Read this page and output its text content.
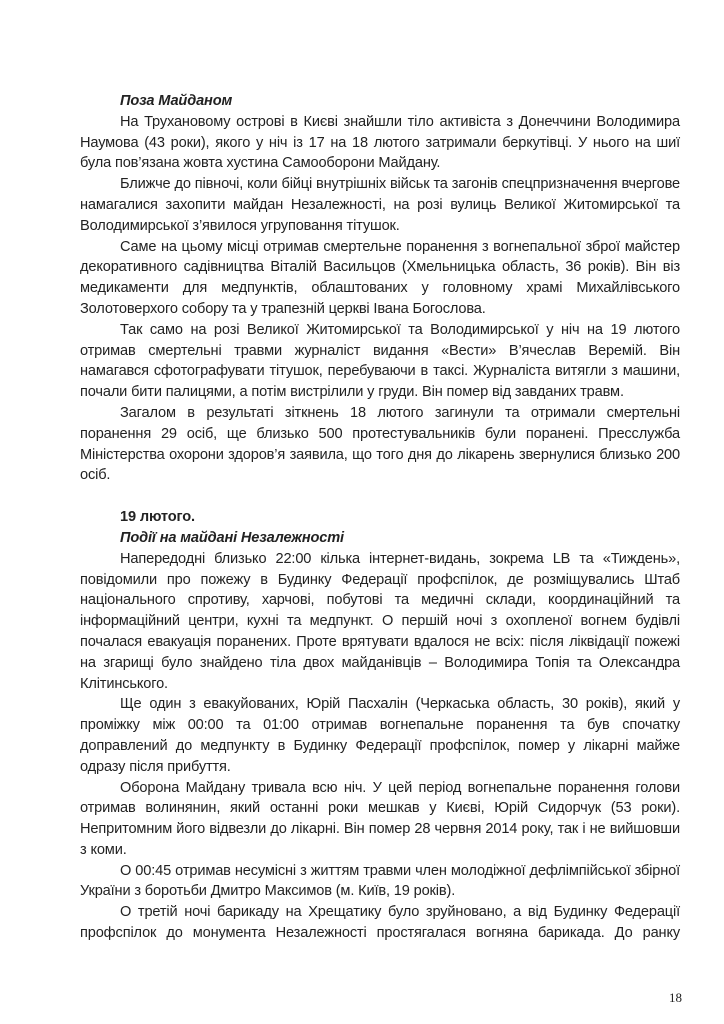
Поза Майданом

На Трухановому острові в Києві знайшли тіло активіста з Донеччини Володимира Наумова (43 роки), якого у ніч із 17 на 18 лютого затримали беркутівці. У нього на шиї була пов’язана жовта хустина Самооборони Майдану.

Ближче до півночі, коли бійці внутрішніх військ та загонів спецпризначення вчергове намагалися захопити майдан Незалежності, на розі вулиць Великої Житомирської та Володимирської з’явилося угруповання тітушок.

Саме на цьому місці отримав смертельне поранення з вогнепальної зброї майстер декоративного садівництва Віталій Васильцов (Хмельницька область, 36 років). Він віз медикаменти для медпунктів, облаштованих у головному храмі Михайлівського Золотоверхого собору та у трапезній церкві Івана Богослова.

Так само на розі Великої Житомирської та Володимирської у ніч на 19 лютого отримав смертельні травми журналіст видання «Вести» В’ячеслав Веремій. Він намагався сфотографувати тітушок, перебуваючи в таксі. Журналіста витягли з машини, почали бити палицями, а потім вистрілили у груди. Він помер від завданих травм.

Загалом в результаті зіткнень 18 лютого загинули та отримали смертельні поранення 29 осіб, ще близько 500 протестувальників були поранені. Пресслужба Міністерства охорони здоров’я заявила, що того дня до лікарень звернулися близько 200 осіб.

19 лютого.

Події на майдані Незалежності

Напередодні близько 22:00 кілька інтернет-видань, зокрема LB та «Тиждень», повідомили про пожежу в Будинку Федерації профспілок, де розміщувались Штаб національного спротиву, харчові, побутові та медичні склади, координаційний та інформаційний центри, кухні та медпункт. О першій ночі з охопленої вогнем будівлі почалася евакуація поранених. Проте врятувати вдалося не всіх: після ліквідації пожежі на згарищі було знайдено тіла двох майданівців – Володимира Топія та Олександра Клітинського.

Ще один з евакуйованих, Юрій Пасхалін (Черкаська область, 30 років), який у проміжку між 00:00 та 01:00 отримав вогнепальне поранення та був спочатку доправлений до медпункту в Будинку Федерації профспілок, помер у лікарні майже одразу після прибуття.

Оборона Майдану тривала всю ніч. У цей період вогнепальне поранення голови отримав волинянин, який останні роки мешкав у Києві, Юрій Сидорчук (53 роки). Непритомним його відвезли до лікарні. Він помер 28 червня 2014 року, так і не вийшовши з коми.

О 00:45 отримав несумісні з життям травми член молодіжної дефлімпійської збірної України з боротьби Дмитро Максимов (м. Київ, 19 років).

О третій ночі барикаду на Хрещатику було зруйновано, а від Будинку Федерації профспілок до монумента Незалежності простягалася вогняна барикада. До ранку

18
